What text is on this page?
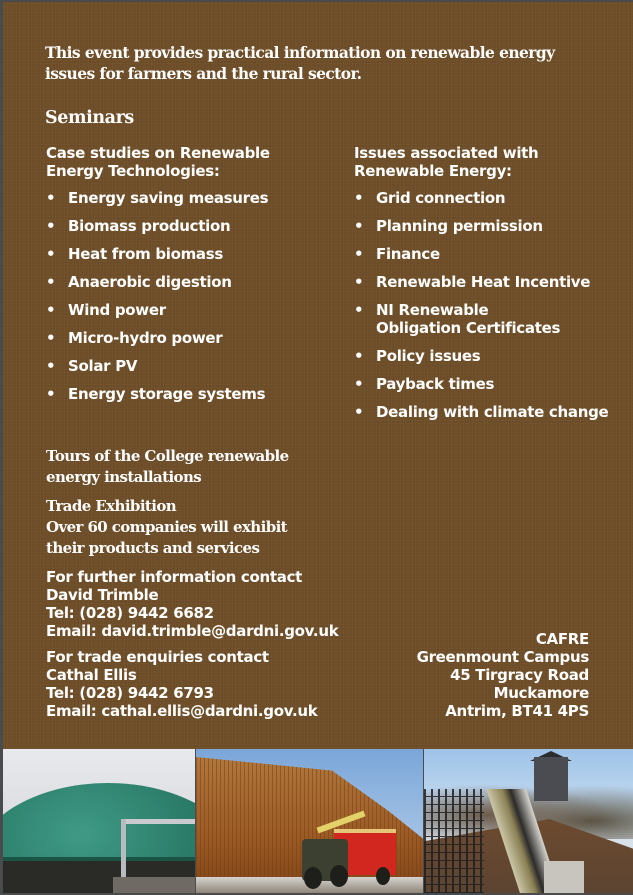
This event provides practical information on renewable energy issues for farmers and the rural sector.
Seminars
Case studies on Renewable
Energy Technologies:
• Energy saving measures
• Biomass production
• Heat from biomass
• Anaerobic digestion
• Wind power
• Micro-hydro power
• Solar PV
• Energy storage systems
Issues associated with
Renewable Energy:
• Grid connection
• Planning permission
• Finance
• Renewable Heat Incentive
• NI Renewable Obligation Certificates
• Policy issues
• Payback times
• Dealing with climate change
Tours of the College renewable
energy installations
Trade Exhibition
Over 60 companies will exhibit
their products and services
For further information contact
David Trimble
Tel: (028) 9442 6682
Email: david.trimble@dardni.gov.uk
For trade enquiries contact
Cathal Ellis
Tel: (028) 9442 6793
Email: cathal.ellis@dardni.gov.uk
CAFRE
Greenmount Campus
45 Tirgracy Road
Muckamore
Antrim, BT41 4PS
